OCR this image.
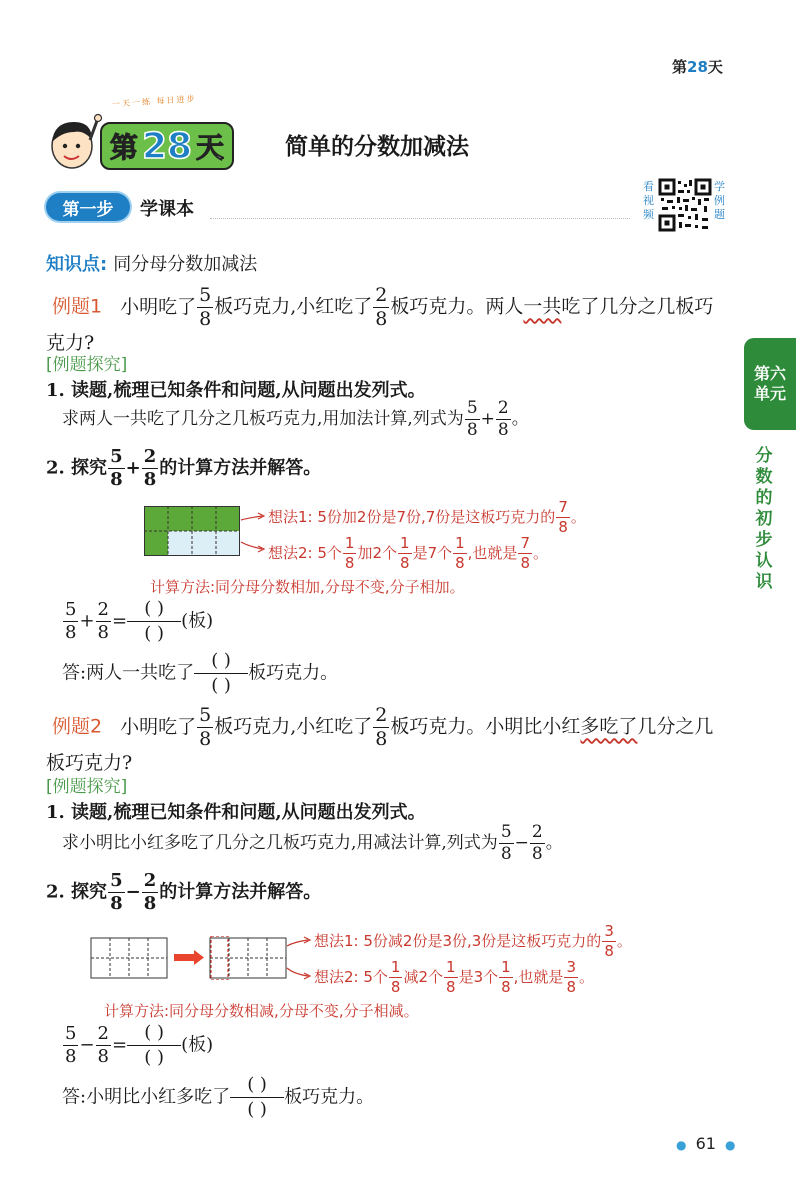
第28天
一天一练 每日进步
第 28 天	简单的分数加减法
第一步	学课本
看
视
频
学
例
题
第六单元
分数的初步认识
知识点: 同分母分数加减法
例题1 小明吃了 $\frac{5}{8}$ 板巧克力,小红吃了 $\frac{2}{8}$ 板巧克力。两人一共吃了几分之几板巧
克力?
[例题探究]
1. 读题,梳理已知条件和问题,从问题出发列式。
求两人一共吃了几分之几板巧克力,用加法计算,列式为 $\frac{5}{8} + \frac{2}{8}$ 。
2. 探究 $\frac{5}{8} + \frac{2}{8}$ 的计算方法并解答。
想法1: 5份加2份是7份,7份是这板巧克力的 $\frac{7}{8}$ 。
想法2: 5个 $\frac{1}{8}$ 加2个 $\frac{1}{8}$ 是7个 $\frac{1}{8}$ ,也就是 $\frac{7}{8}$ 。
计算方法:同分母分数相加,分母不变,分子相加。
$\frac{5}{8} + \frac{2}{8}$ =
( )
( )
(板)
答:两人一共吃了
( )
( )
板巧克力。
例题2 小明吃了 $\frac{5}{8}$ 板巧克力,小红吃了 $\frac{2}{8}$ 板巧克力。小明比小红多吃了几分之几
板巧克力?
[例题探究]
1. 读题,梳理已知条件和问题,从问题出发列式。
求小明比小红多吃了几分之几板巧克力,用减法计算,列式为 $\frac{5}{8} - \frac{2}{8}$ 。
2. 探究 $\frac{5}{8} - \frac{2}{8}$ 的计算方法并解答。
想法1: 5份减2份是3份,3份是这板巧克力的 $\frac{3}{8}$ 。
想法2: 5个 $\frac{1}{8}$ 减2个 $\frac{1}{8}$ 是3个 $\frac{1}{8}$ ,也就是 $\frac{3}{8}$ 。
计算方法:同分母分数相减,分母不变,分子相减。
$\frac{5}{8} - \frac{2}{8}$ =
( )
( )
(板)
答:小明比小红多吃了
( )
( )
板巧克力。
● 61 ●
